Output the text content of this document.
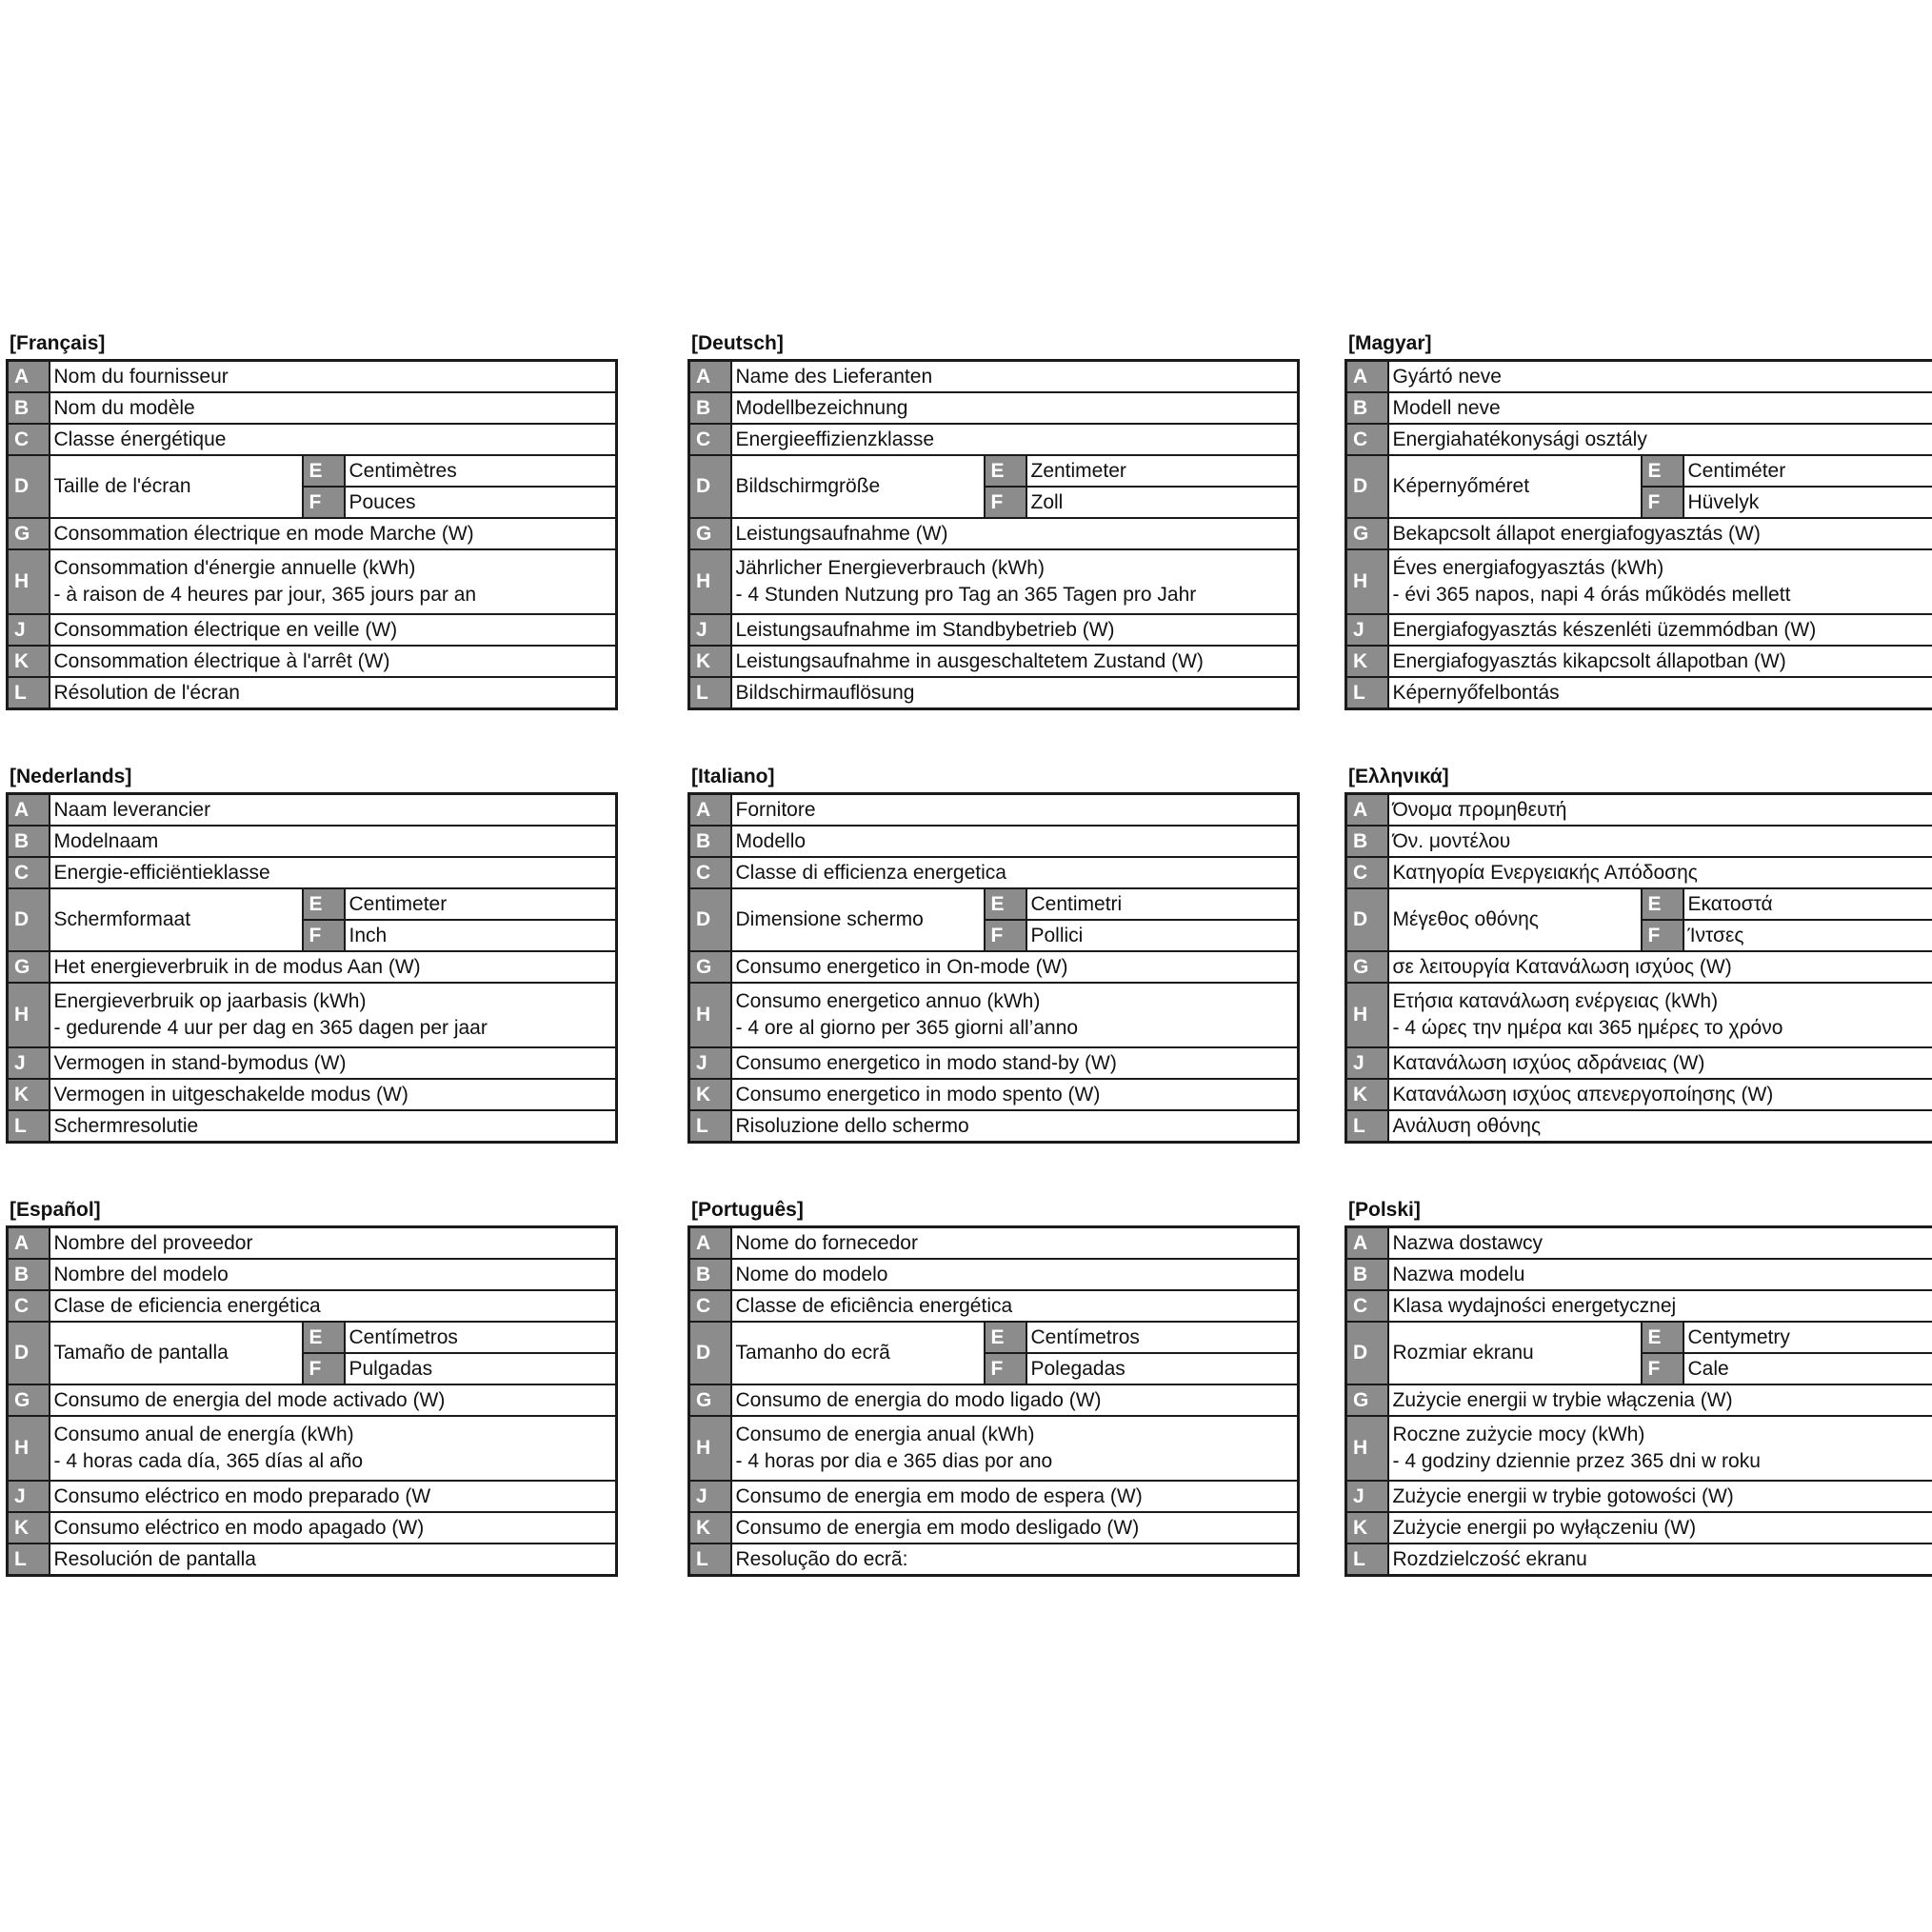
[Français]
A	Nom du fournisseur		
B	Nom du modèle		
C	Classe énergétique		
D	Taille de l'écran	E	Centimètres
		F	Pouces
G	Consommation électrique en mode Marche (W)		
H	Consommation d'énergie annuelle (kWh)
- à raison de 4 heures par jour, 365 jours par an		

J	Consommation électrique en veille (W)		
K	Consommation électrique à l'arrêt (W)		
L	Résolution de l'écran		
[Deutsch]
A	Name des Lieferanten		
B	Modellbezeichnung		
C	Energieeffizienzklasse		
D	Bildschirmgröße	E	Zentimeter
		F	Zoll
G	Leistungsaufnahme (W)		
H	Jährlicher Energieverbrauch (kWh)
- 4 Stunden Nutzung pro Tag an 365 Tagen pro Jahr		

J	Leistungsaufnahme im Standbybetrieb (W)		
K	Leistungsaufnahme in ausgeschaltetem Zustand (W)		
L	Bildschirmauflösung		
[Magyar]
A	Gyártó neve		
B	Modell neve		
C	Energiahatékonysági osztály		
D	Képernyőméret	E	Centiméter
		F	Hüvelyk
G	Bekapcsolt állapot energiafogyasztás (W)		
H	Éves energiafogyasztás (kWh)
- évi 365 napos, napi 4 órás működés mellett		

J	Energiafogyasztás készenléti üzemmódban (W)		
K	Energiafogyasztás kikapcsolt állapotban (W)		
L	Képernyőfelbontás		
[Nederlands]
A	Naam leverancier		
B	Modelnaam		
C	Energie-efficiëntieklasse		
D	Schermformaat	E	Centimeter
		F	Inch
G	Het energieverbruik in de modus Aan (W)		
H	Energieverbruik op jaarbasis (kWh)
- gedurende 4 uur per dag en 365 dagen per jaar		

J	Vermogen in stand-bymodus (W)		
K	Vermogen in uitgeschakelde modus (W)		
L	Schermresolutie		
[Italiano]
A	Fornitore		
B	Modello		
C	Classe di efficienza energetica		
D	Dimensione schermo	E	Centimetri
		F	Pollici
G	Consumo energetico in On-mode (W)		
H	Consumo energetico annuo (kWh)
- 4 ore al giorno per 365 giorni all’anno		

J	Consumo energetico in modo stand-by (W)		
K	Consumo energetico in modo spento (W)		
L	Risoluzione dello schermo		
[Ελληνικά]
A	Όνομα προμηθευτή		
B	Όν. μοντέλου		
C	Κατηγορία Ενεργειακής Απόδοσης		
D	Μέγεθος οθόνης	E	Εκατοστά
		F	Ίντσες
G	σε λειτουργία Κατανάλωση ισχύος (W)		
H	Ετήσια κατανάλωση ενέργειας (kWh)
- 4 ώρες την ημέρα και 365 ημέρες το χρόνο		

J	Κατανάλωση ισχύος αδράνειας (W)		
K	Κατανάλωση ισχύος απενεργοποίησης (W)		
L	Ανάλυση οθόνης		
[Español]
A	Nombre del proveedor		
B	Nombre del modelo		
C	Clase de eficiencia energética		
D	Tamaño de pantalla	E	Centímetros
		F	Pulgadas
G	Consumo de energia del mode activado (W)		
H	Consumo anual de energía (kWh)
- 4 horas cada día, 365 días al año		

J	Consumo eléctrico en modo preparado (W		
K	Consumo eléctrico en modo apagado (W)		
L	Resolución de pantalla		
[Português]
A	Nome do fornecedor		
B	Nome do modelo		
C	Classe de eficiência energética		
D	Tamanho do ecrã	E	Centímetros
		F	Polegadas
G	Consumo de energia do modo ligado (W)		
H	Consumo de energia anual (kWh)
- 4 horas por dia e 365 dias por ano		

J	Consumo de energia em modo de espera (W)		
K	Consumo de energia em modo desligado (W)		
L	Resolução do ecrã:		
[Polski]
A	Nazwa dostawcy		
B	Nazwa modelu		
C	Klasa wydajności energetycznej		
D	Rozmiar ekranu	E	Centymetry
		F	Cale
G	Zużycie energii w trybie włączenia (W)		
H	Roczne zużycie mocy (kWh)
- 4 godziny dziennie przez 365 dni w roku		

J	Zużycie energii w trybie gotowości (W)		
K	Zużycie energii po wyłączeniu (W)		
L	Rozdzielczość ekranu		
